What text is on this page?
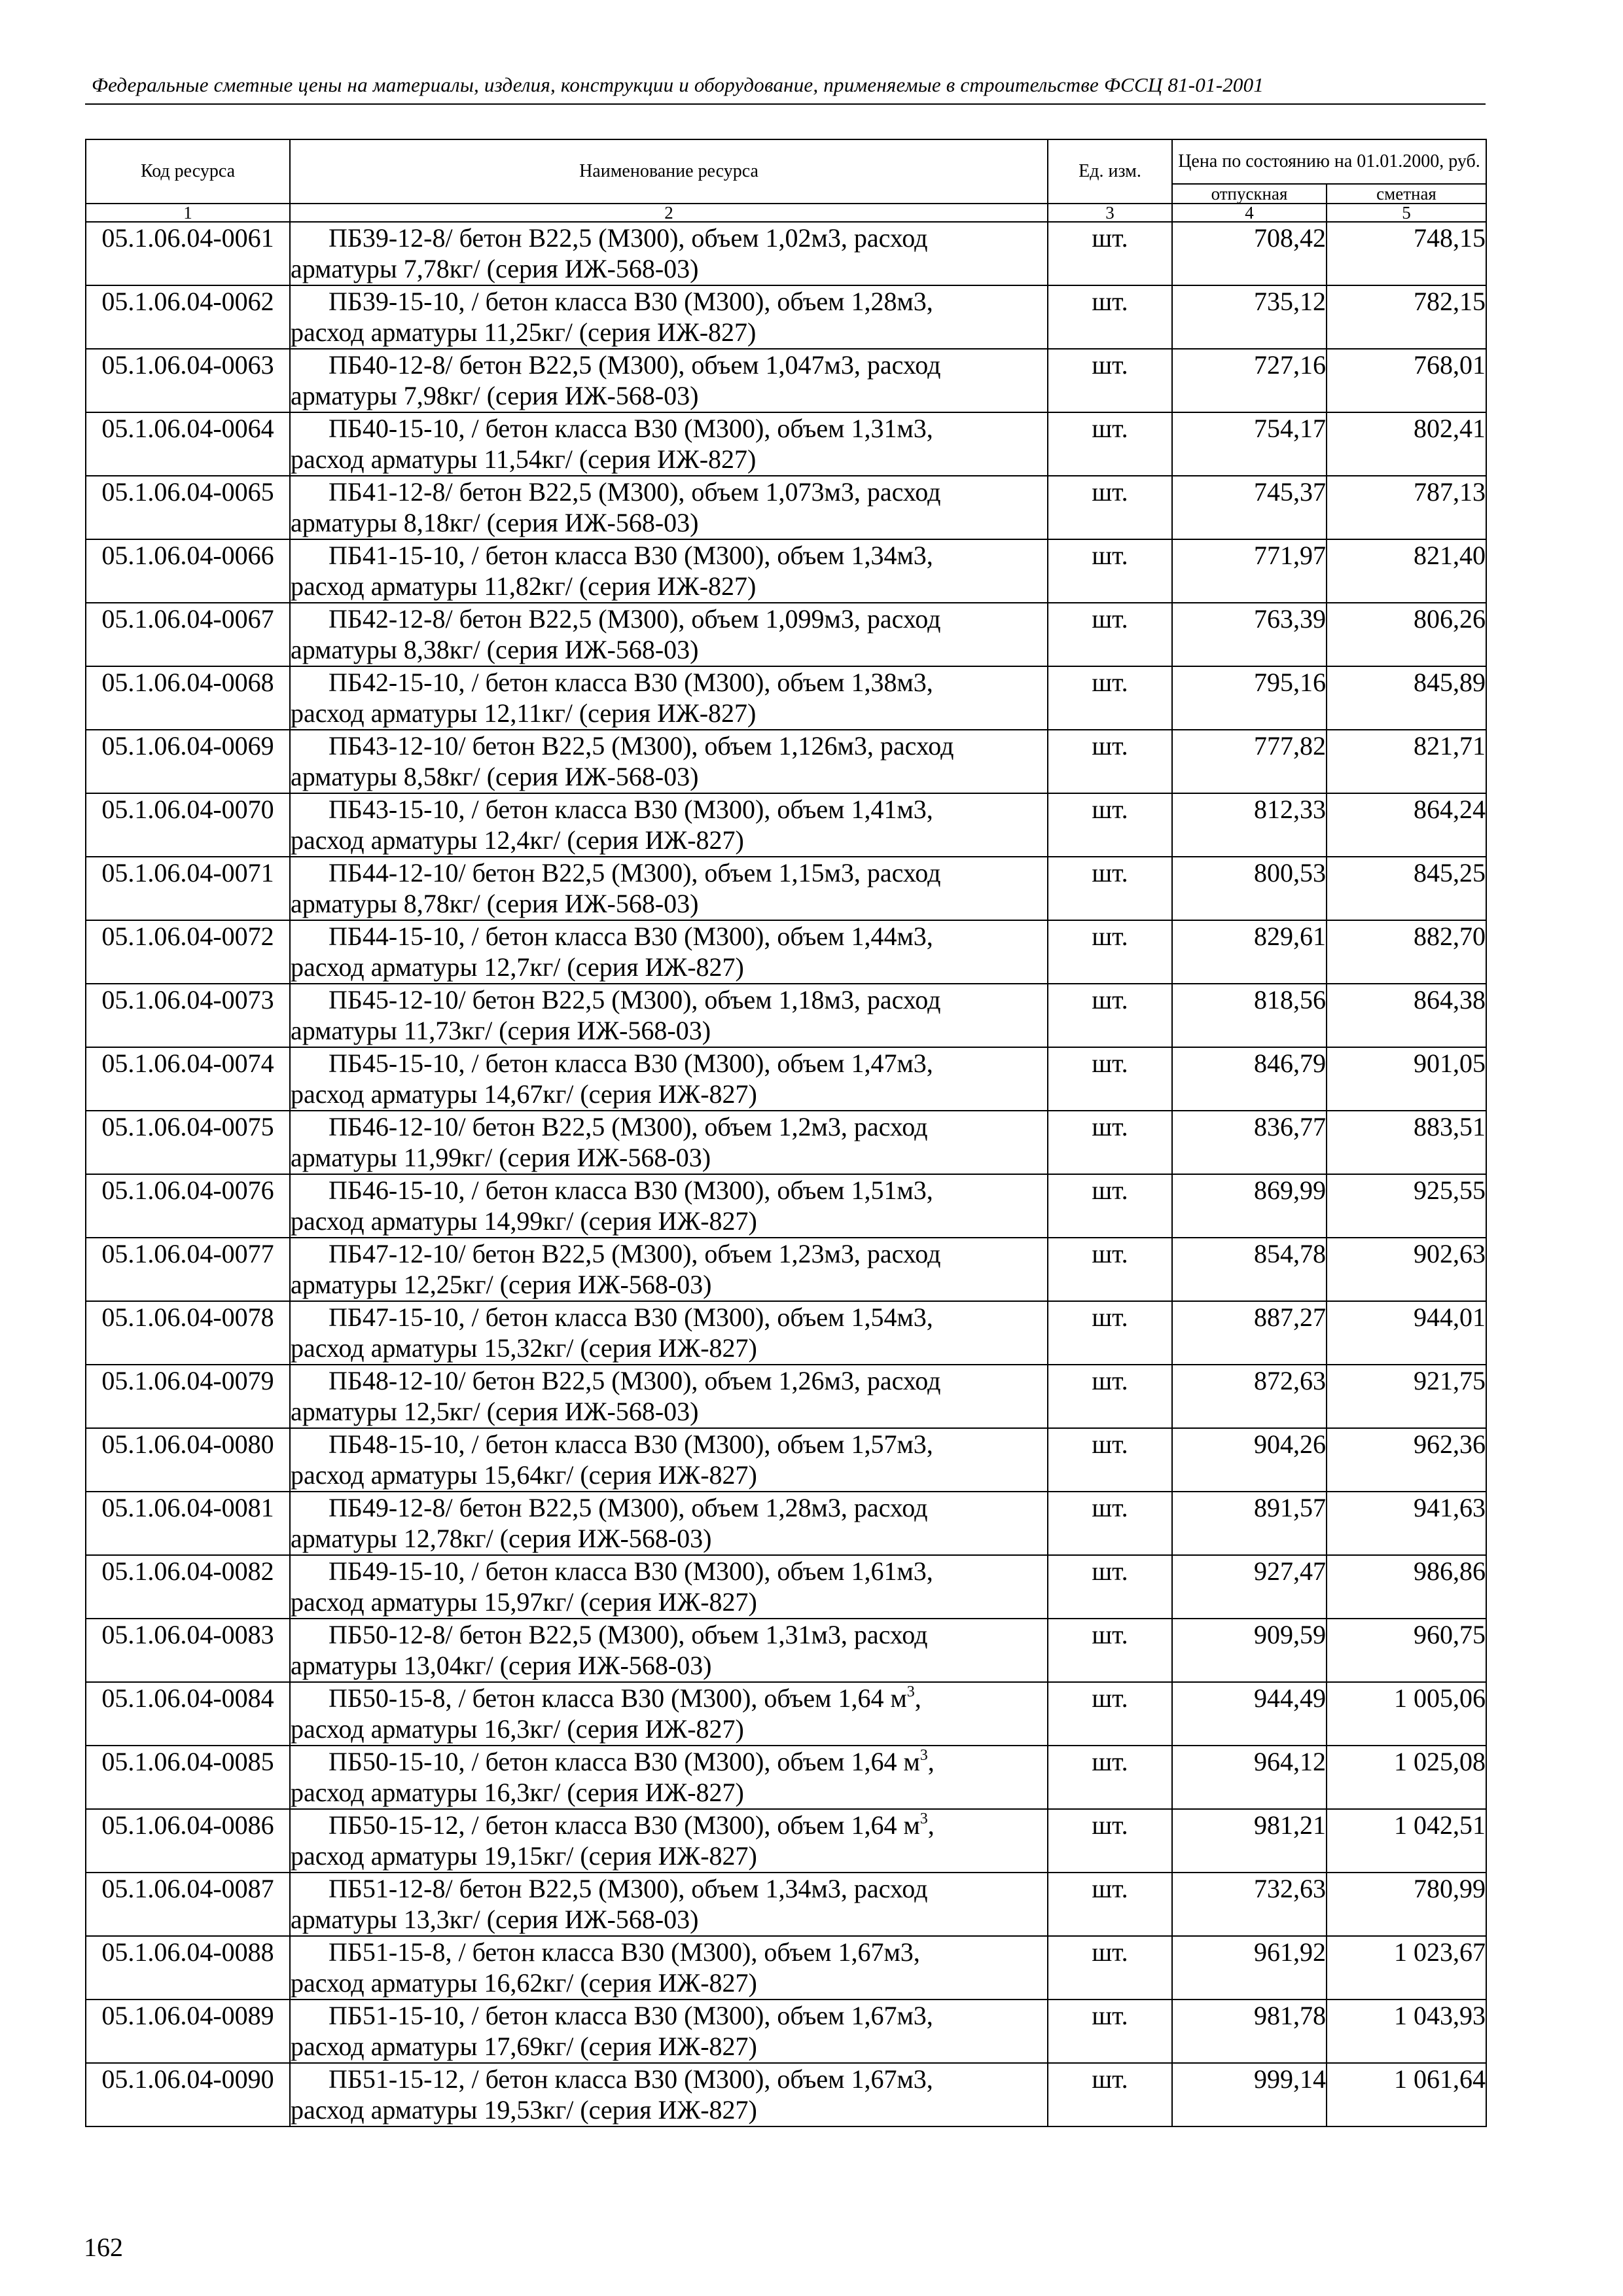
Федеральные сметные цены на материалы, изделия, конструкции и оборудование, применяемые в строительстве ФССЦ 81-01-2001
Код ресурса	Наименование ресурса	Ед. изм.	Цена по состоянию на 01.01.2000, руб.	
			отпускная	сметная
1	2	3	4	5
05.1.06.04-0061	ПБ39-12-8/ бетон В22,5 (М300), объем 1,02м3, расход
арматуры 7,78кг/ (серия ИЖ-568-03)	шт.	708,42	748,15
05.1.06.04-0062	ПБ39-15-10, / бетон класса В30 (М300), объем 1,28м3,
расход арматуры 11,25кг/ (серия ИЖ-827)	шт.	735,12	782,15
05.1.06.04-0063	ПБ40-12-8/ бетон В22,5 (М300), объем 1,047м3, расход
арматуры 7,98кг/ (серия ИЖ-568-03)	шт.	727,16	768,01
05.1.06.04-0064	ПБ40-15-10, / бетон класса В30 (М300), объем 1,31м3,
расход арматуры 11,54кг/ (серия ИЖ-827)	шт.	754,17	802,41
05.1.06.04-0065	ПБ41-12-8/ бетон В22,5 (М300), объем 1,073м3, расход
арматуры 8,18кг/ (серия ИЖ-568-03)	шт.	745,37	787,13
05.1.06.04-0066	ПБ41-15-10, / бетон класса В30 (М300), объем 1,34м3,
расход арматуры 11,82кг/ (серия ИЖ-827)	шт.	771,97	821,40
05.1.06.04-0067	ПБ42-12-8/ бетон В22,5 (М300), объем 1,099м3, расход
арматуры 8,38кг/ (серия ИЖ-568-03)	шт.	763,39	806,26
05.1.06.04-0068	ПБ42-15-10, / бетон класса В30 (М300), объем 1,38м3,
расход арматуры 12,11кг/ (серия ИЖ-827)	шт.	795,16	845,89
05.1.06.04-0069	ПБ43-12-10/ бетон В22,5 (М300), объем 1,126м3, расход
арматуры 8,58кг/ (серия ИЖ-568-03)	шт.	777,82	821,71
05.1.06.04-0070	ПБ43-15-10, / бетон класса В30 (М300), объем 1,41м3,
расход арматуры 12,4кг/ (серия ИЖ-827)	шт.	812,33	864,24
05.1.06.04-0071	ПБ44-12-10/ бетон В22,5 (М300), объем 1,15м3, расход
арматуры 8,78кг/ (серия ИЖ-568-03)	шт.	800,53	845,25
05.1.06.04-0072	ПБ44-15-10, / бетон класса В30 (М300), объем 1,44м3,
расход арматуры 12,7кг/ (серия ИЖ-827)	шт.	829,61	882,70
05.1.06.04-0073	ПБ45-12-10/ бетон В22,5 (М300), объем 1,18м3, расход
арматуры 11,73кг/ (серия ИЖ-568-03)	шт.	818,56	864,38
05.1.06.04-0074	ПБ45-15-10, / бетон класса В30 (М300), объем 1,47м3,
расход арматуры 14,67кг/ (серия ИЖ-827)	шт.	846,79	901,05
05.1.06.04-0075	ПБ46-12-10/ бетон В22,5 (М300), объем 1,2м3, расход
арматуры 11,99кг/ (серия ИЖ-568-03)	шт.	836,77	883,51
05.1.06.04-0076	ПБ46-15-10, / бетон класса В30 (М300), объем 1,51м3,
расход арматуры 14,99кг/ (серия ИЖ-827)	шт.	869,99	925,55
05.1.06.04-0077	ПБ47-12-10/ бетон В22,5 (М300), объем 1,23м3, расход
арматуры 12,25кг/ (серия ИЖ-568-03)	шт.	854,78	902,63
05.1.06.04-0078	ПБ47-15-10, / бетон класса В30 (М300), объем 1,54м3,
расход арматуры 15,32кг/ (серия ИЖ-827)	шт.	887,27	944,01
05.1.06.04-0079	ПБ48-12-10/ бетон В22,5 (М300), объем 1,26м3, расход
арматуры 12,5кг/ (серия ИЖ-568-03)	шт.	872,63	921,75
05.1.06.04-0080	ПБ48-15-10, / бетон класса В30 (М300), объем 1,57м3,
расход арматуры 15,64кг/ (серия ИЖ-827)	шт.	904,26	962,36
05.1.06.04-0081	ПБ49-12-8/ бетон В22,5 (М300), объем 1,28м3, расход
арматуры 12,78кг/ (серия ИЖ-568-03)	шт.	891,57	941,63
05.1.06.04-0082	ПБ49-15-10, / бетон класса В30 (М300), объем 1,61м3,
расход арматуры 15,97кг/ (серия ИЖ-827)	шт.	927,47	986,86
05.1.06.04-0083	ПБ50-12-8/ бетон В22,5 (М300), объем 1,31м3, расход
арматуры 13,04кг/ (серия ИЖ-568-03)	шт.	909,59	960,75
05.1.06.04-0084	ПБ50-15-8, / бетон класса В30 (М300), объем 1,64 $м^3$,
расход арматуры 16,3кг/ (серия ИЖ-827)	шт.	944,49	1 005,06
05.1.06.04-0085	ПБ50-15-10, / бетон класса В30 (М300), объем 1,64 $м^3$,
расход арматуры 16,3кг/ (серия ИЖ-827)	шт.	964,12	1 025,08
05.1.06.04-0086	ПБ50-15-12, / бетон класса В30 (М300), объем 1,64 $м^3$,
расход арматуры 19,15кг/ (серия ИЖ-827)	шт.	981,21	1 042,51
05.1.06.04-0087	ПБ51-12-8/ бетон В22,5 (М300), объем 1,34м3, расход
арматуры 13,3кг/ (серия ИЖ-568-03)	шт.	732,63	780,99
05.1.06.04-0088	ПБ51-15-8, / бетон класса В30 (М300), объем 1,67м3,
расход арматуры 16,62кг/ (серия ИЖ-827)	шт.	961,92	1 023,67
05.1.06.04-0089	ПБ51-15-10, / бетон класса В30 (М300), объем 1,67м3,
расход арматуры 17,69кг/ (серия ИЖ-827)	шт.	981,78	1 043,93
05.1.06.04-0090	ПБ51-15-12, / бетон класса В30 (М300), объем 1,67м3,
расход арматуры 19,53кг/ (серия ИЖ-827)	шт.	999,14	1 061,64
162
